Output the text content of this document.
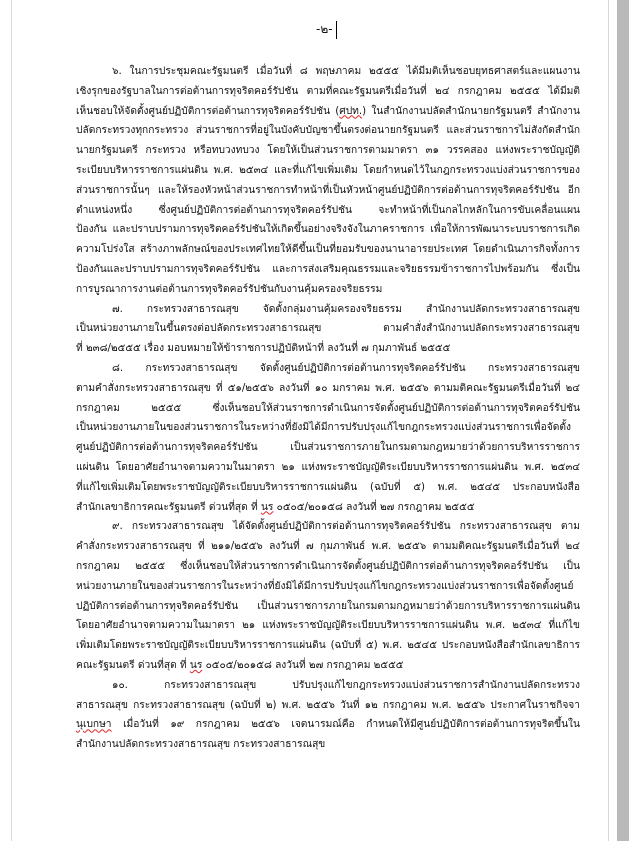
-๒-
๖. ในการประชุมคณะรัฐมนตรี เมื่อวันที่ ๘ พฤษภาคม ๒๕๕๕ ได้มีมติเห็นชอบยุทธศาสตร์และแผนงาน
เชิงรุกของรัฐบาลในการต่อต้านการทุจริตคอร์รัปชัน ตามที่คณะรัฐมนตรีเมื่อวันที่ ๒๔ กรกฎาคม ๒๕๕๕ ได้มีมติ
เห็นชอบให้จัดตั้งศูนย์ปฏิบัติการต่อต้านการทุจริตคอร์รัปชัน (ศปท.) ในสำนักงานปลัดสำนักนายกรัฐมนตรี สำนักงาน
ปลัดกระทรวงทุกกระทรวง ส่วนราชการที่อยู่ในบังคับบัญชาขึ้นตรงต่อนายกรัฐมนตรี และส่วนราชการไม่สังกัดสำนัก
นายกรัฐมนตรี กระทรวง หรือทบวงทบวง โดยให้เป็นส่วนราชการตามมาตรา ๓๑ วรรคสอง แห่งพระราชบัญญัติ
ระเบียบบริหารราชการแผ่นดิน พ.ศ. ๒๕๓๔ และที่แก้ไขเพิ่มเติม โดยกำหนดไว้ในกฎกระทรวงแบ่งส่วนราชการของ
ส่วนราชการนั้นๆ และให้รองหัวหน้าส่วนราชการทำหน้าที่เป็นหัวหน้าศูนย์ปฏิบัติการต่อต้านการทุจริตคอร์รัปชัน อีก
ตำแหน่งหนึ่ง ซึ่งศูนย์ปฏิบัติการต่อต้านการทุจริตคอร์รัปชัน จะทำหน้าที่เป็นกลไกหลักในการขับเคลื่อนแผน
ป้องกัน และปราบปรามการทุจริตคอร์รัปชันให้เกิดขึ้นอย่างจริงจังในภาคราชการ เพื่อให้การพัฒนาระบบราชการเกิด
ความโปร่งใส สร้างภาพลักษณ์ของประเทศไทยให้ดีขึ้นเป็นที่ยอมรับของนานาอารยประเทศ โดยดำเนินภารกิจทั้งการ
ป้องกันและปราบปรามการทุจริตคอร์รัปชัน และการส่งเสริมคุณธรรมและจริยธรรมข้าราชการไปพร้อมกัน ซึ่งเป็น
การบูรณาการงานต่อต้านการทุจริตคอร์รัปชันกับงานคุ้มครองจริยธรรม
๗. กระทรวงสาธารณสุข จัดตั้งกลุ่มงานคุ้มครองจริยธรรม สำนักงานปลัดกระทรวงสาธารณสุข
เป็นหน่วยงานภายในขึ้นตรงต่อปลัดกระทรวงสาธารณสุข ตามคำสั่งสำนักงานปลัดกระทรวงสาธารณสุข
ที่ ๒๓๘/๒๕๕๕ เรื่อง มอบหมายให้ข้าราชการปฏิบัติหน้าที่ ลงวันที่ ๗ กุมภาพันธ์ ๒๕๕๕
๘. กระทรวงสาธารณสุข จัดตั้งศูนย์ปฏิบัติการต่อต้านการทุจริตคอร์รัปชัน กระทรวงสาธารณสุข
ตามคำสั่งกระทรวงสาธารณสุข ที่ ๕๑/๒๕๕๖ ลงวันที่ ๑๐ มกราคม พ.ศ. ๒๕๕๖ ตามมติคณะรัฐมนตรีเมื่อวันที่ ๒๔
กรกฎาคม ๒๕๕๕ ซึ่งเห็นชอบให้ส่วนราชการดำเนินการจัดตั้งศูนย์ปฏิบัติการต่อต้านการทุจริตคอร์รัปชัน
เป็นหน่วยงานภายในของส่วนราชการในระหว่างที่ยังมิได้มีการปรับปรุงแก้ไขกฎกระทรวงแบ่งส่วนราชการเพื่อจัดตั้ง
ศูนย์ปฏิบัติการต่อต้านการทุจริตคอร์รัปชัน เป็นส่วนราชการภายในกรมตามกฎหมายว่าด้วยการบริหารราชการ
แผ่นดิน โดยอาศัยอำนาจตามความในมาตรา ๒๑ แห่งพระราชบัญญัติระเบียบบริหารราชการแผ่นดิน พ.ศ. ๒๕๓๔
ที่แก้ไขเพิ่มเติมโดยพระราชบัญญัติระเบียบบริหารราชการแผ่นดิน (ฉบับที่ ๕) พ.ศ. ๒๕๔๕ ประกอบหนังสือ
สำนักเลขาธิการคณะรัฐมนตรี ด่วนที่สุด ที่ นร ๐๕๐๕/๒๐๑๕๘ ลงวันที่ ๒๗ กรกฎาคม ๒๕๕๕
๙. กระทรวงสาธารณสุข ได้จัดตั้งศูนย์ปฏิบัติการต่อต้านการทุจริตคอร์รัปชัน กระทรวงสาธารณสุข ตาม
คำสั่งกระทรวงสาธารณสุข ที่ ๒๑๑/๒๕๕๖ ลงวันที่ ๗ กุมภาพันธ์ พ.ศ. ๒๕๕๖ ตามมติคณะรัฐมนตรีเมื่อวันที่ ๒๔
กรกฎาคม ๒๕๕๕ ซึ่งเห็นชอบให้ส่วนราชการดำเนินการจัดตั้งศูนย์ปฏิบัติการต่อต้านการทุจริตคอร์รัปชัน เป็น
หน่วยงานภายในของส่วนราชการในระหว่างที่ยังมิได้มีการปรับปรุงแก้ไขกฎกระทรวงแบ่งส่วนราชการเพื่อจัดตั้งศูนย์
ปฏิบัติการต่อต้านการทุจริตคอร์รัปชัน เป็นส่วนราชการภายในกรมตามกฎหมายว่าด้วยการบริหารราชการแผ่นดิน
โดยอาศัยอำนาจตามความในมาตรา ๒๑ แห่งพระราชบัญญัติระเบียบบริหารราชการแผ่นดิน พ.ศ. ๒๕๓๔ ที่แก้ไข
เพิ่มเติมโดยพระราชบัญญัติระเบียบบริหารราชการแผ่นดิน (ฉบับที่ ๕) พ.ศ. ๒๕๔๕ ประกอบหนังสือสำนักเลขาธิการ
คณะรัฐมนตรี ด่วนที่สุด ที่ นร ๐๕๐๕/๒๐๑๕๘ ลงวันที่ ๒๗ กรกฎาคม ๒๕๕๕
๑๐. กระทรวงสาธารณสุข ปรับปรุงแก้ไขกฎกระทรวงแบ่งส่วนราชการสำนักงานปลัดกระทรวง
สาธารณสุข กระทรวงสาธารณสุข (ฉบับที่ ๒) พ.ศ. ๒๕๕๖ วันที่ ๑๒ กรกฎาคม พ.ศ. ๒๕๕๖ ประกาศในราชกิจจา
นุเบกษา เมื่อวันที่ ๑๙ กรกฎาคม ๒๕๕๖ เจตนารมณ์คือ กำหนดให้มีศูนย์ปฏิบัติการต่อต้านการทุจริตขึ้นใน
สำนักงานปลัดกระทรวงสาธารณสุข กระทรวงสาธารณสุข
